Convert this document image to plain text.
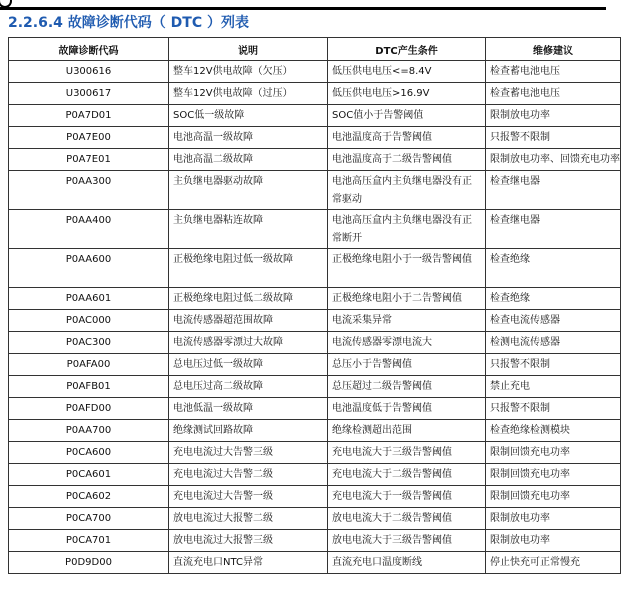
2.2.6.4 故障诊断代码（ DTC ）列表
故障诊断代码	说明	DTC产生条件	维修建议
U300616	整车12V供电故障（欠压）	低压供电电压<=8.4V	检查蓄电池电压
U300617	整车12V供电故障（过压）	低压供电电压>16.9V	检查蓄电池电压
P0A7D01	SOC低一级故障	SOC值小于告警阈值	限制放电功率
P0A7E00	电池高温一级故障	电池温度高于告警阈值	只报警不限制
P0A7E01	电池高温二级故障	电池温度高于二级告警阈值	限制放电功率、回馈充电功率
P0AA300	主负继电器驱动故障	电池高压盒内主负继电器没有正常驱动	检查继电器
P0AA400	主负继电器粘连故障	电池高压盒内主负继电器没有正常断开	检查继电器
P0AA600	正极绝缘电阻过低一级故障	正极绝缘电阻小于一级告警阈值	检查绝缘
P0AA601	正极绝缘电阻过低二级故障	正极绝缘电阻小于二告警阈值	检查绝缘
P0AC000	电流传感器超范围故障	电流采集异常	检查电流传感器
P0AC300	电流传感器零漂过大故障	电流传感器零漂电流大	检测电流传感器
P0AFA00	总电压过低一级故障	总压小于告警阈值	只报警不限制
P0AFB01	总电压过高二级故障	总压超过二级告警阈值	禁止充电
P0AFD00	电池低温一级故障	电池温度低于告警阈值	只报警不限制
P0AA700	绝缘测试回路故障	绝缘检测超出范围	检查绝缘检测模块
P0CA600	充电电流过大告警三级	充电电流大于三级告警阈值	限制回馈充电功率
P0CA601	充电电流过大告警二级	充电电流大于二级告警阈值	限制回馈充电功率
P0CA602	充电电流过大告警一级	充电电流大于一级告警阈值	限制回馈充电功率
P0CA700	放电电流过大报警二级	放电电流大于二级告警阈值	限制放电功率
P0CA701	放电电流过大报警三级	放电电流大于三级告警阈值	限制放电功率
P0D9D00	直流充电口NTC异常	直流充电口温度断线	停止快充可正常慢充
